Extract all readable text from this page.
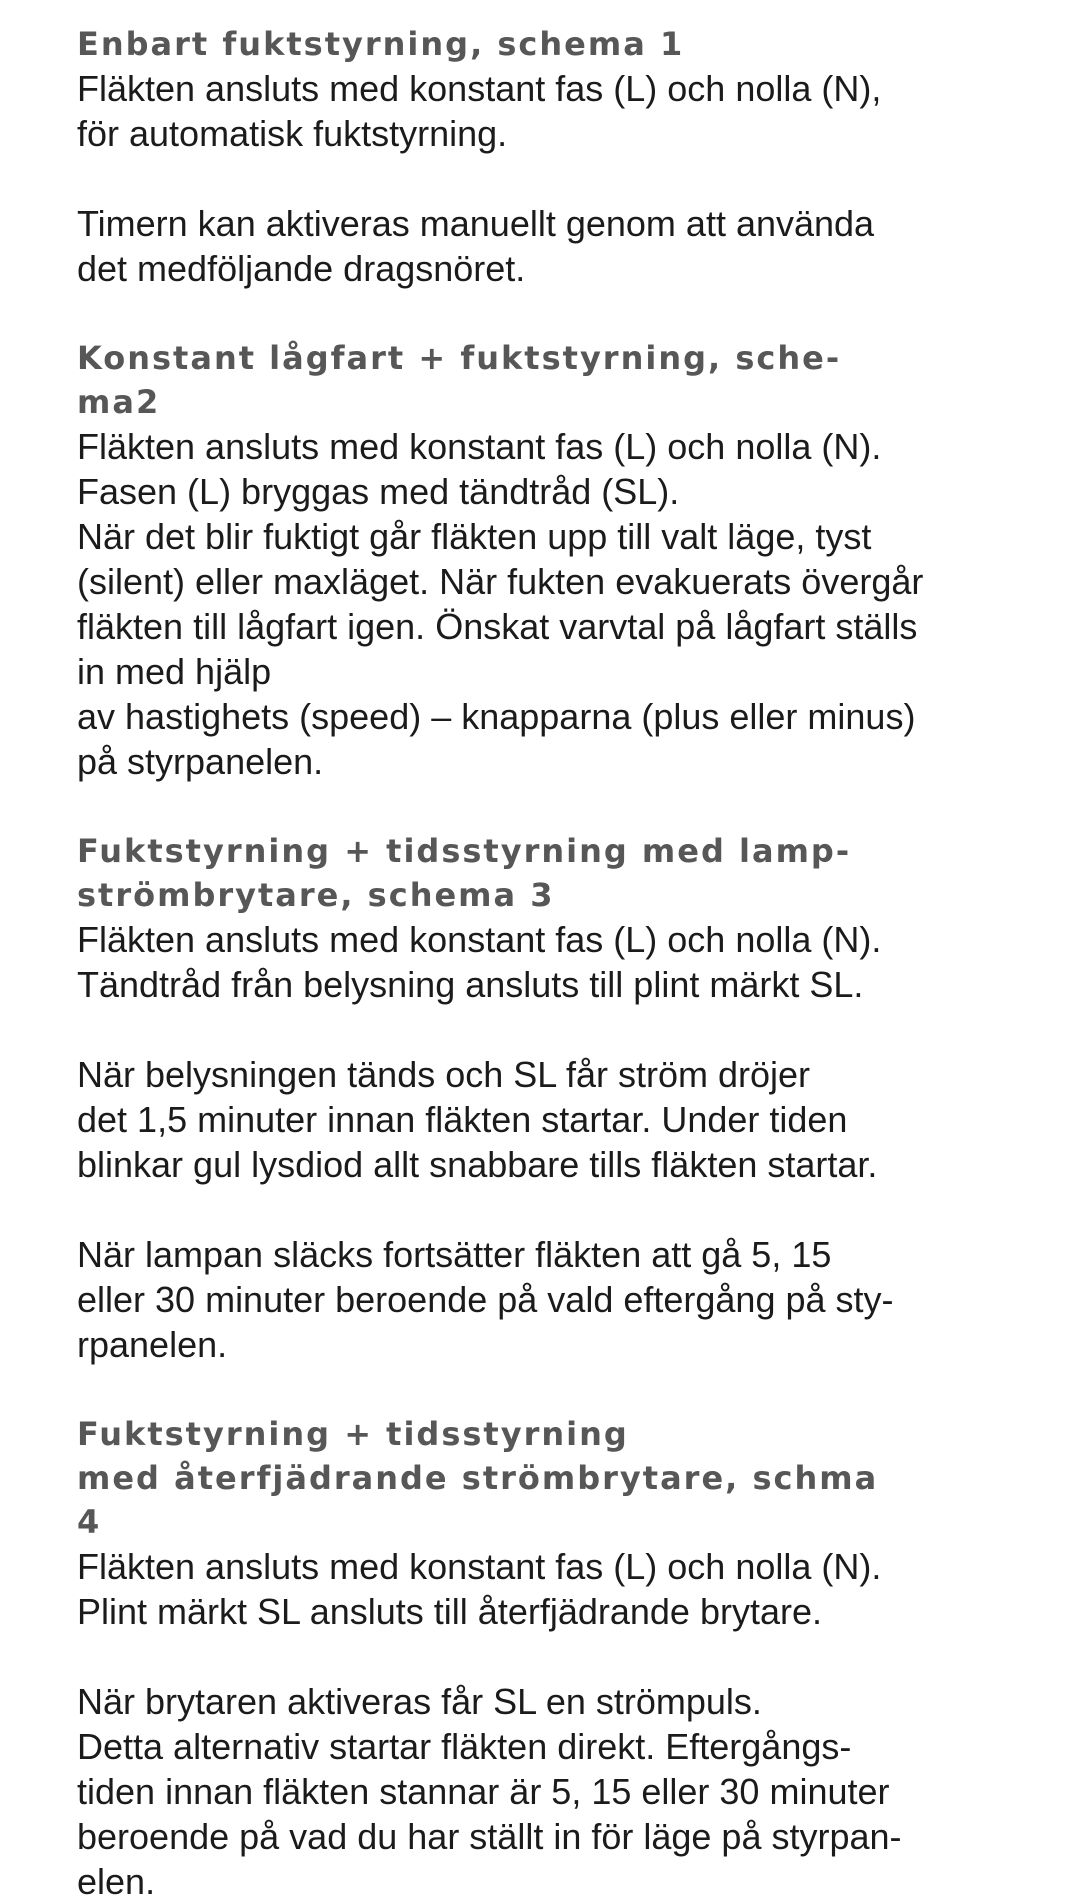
Enbart fuktstyrning, schema 1

Fläkten ansluts med konstant fas (L) och nolla (N),
för automatisk fuktstyrning.

Timern kan aktiveras manuellt genom att använda
det medföljande dragsnöret.

Konstant lågfart + fuktstyrning, sche-
ma2

Fläkten ansluts med konstant fas (L) och nolla (N).
Fasen (L) bryggas med tändtråd (SL).
När det blir fuktigt går fläkten upp till valt läge, tyst
(silent) eller maxläget. När fukten evakuerats övergår
fläkten till lågfart igen. Önskat varvtal på lågfart ställs
in med hjälp
av hastighets (speed) – knapparna (plus eller minus)
på styrpanelen.

Fuktstyrning + tidsstyrning med lamp-
strömbrytare, schema 3

Fläkten ansluts med konstant fas (L) och nolla (N).
Tändtråd från belysning ansluts till plint märkt SL.

När belysningen tänds och SL får ström dröjer
det 1,5 minuter innan fläkten startar. Under tiden
blinkar gul lysdiod allt snabbare tills fläkten startar.

När lampan släcks fortsätter fläkten att gå 5, 15
eller 30 minuter beroende på vald eftergång på sty-
rpanelen.

Fuktstyrning + tidsstyrning
med återfjädrande strömbrytare, schma
4

Fläkten ansluts med konstant fas (L) och nolla (N).
Plint märkt SL ansluts till återfjädrande brytare.

När brytaren aktiveras får SL en strömpuls.
Detta alternativ startar fläkten direkt. Eftergångs-
tiden innan fläkten stannar är 5, 15 eller 30 minuter
beroende på vad du har ställt in för läge på styrpan-
elen.
